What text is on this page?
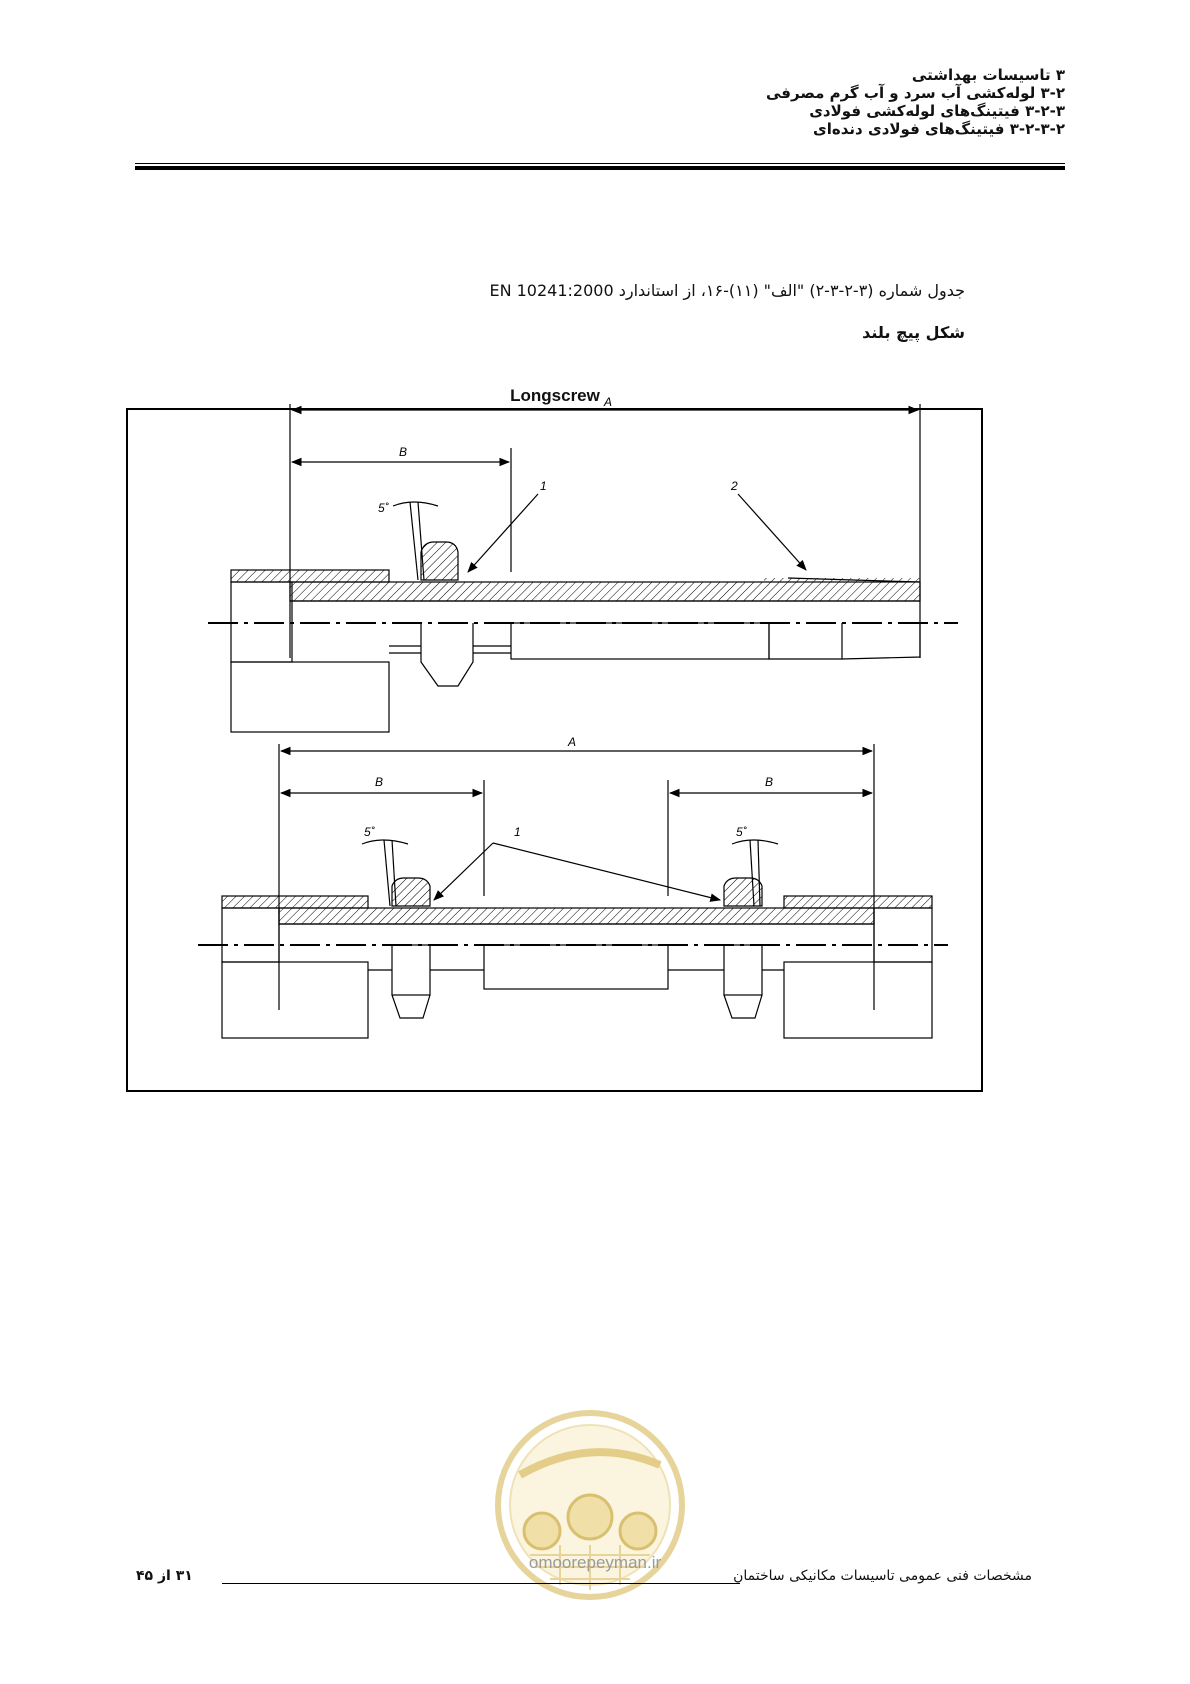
۳ تاسیسات بهداشتی
۳-۲ لوله‌کشی آب سرد و آب گرم مصرفی
۳-۲-۳ فیتینگ‌های لوله‌کشی فولادی
۳-۲-۳-۲ فیتینگ‌های فولادی دنده‌ای
جدول شماره (۳-۲-۳-۲) "الف" (۱۱)-۱۶، از استاندارد EN 10241:2000
شکل پیچ بلند
Longscrew A
B
5˚
1	2
A
B	B
5˚	5˚
1
omoorepeyman.ir
مشخصات فنی عمومی تاسیسات مکانیکی ساختمان
۳۱ از ۴۵
